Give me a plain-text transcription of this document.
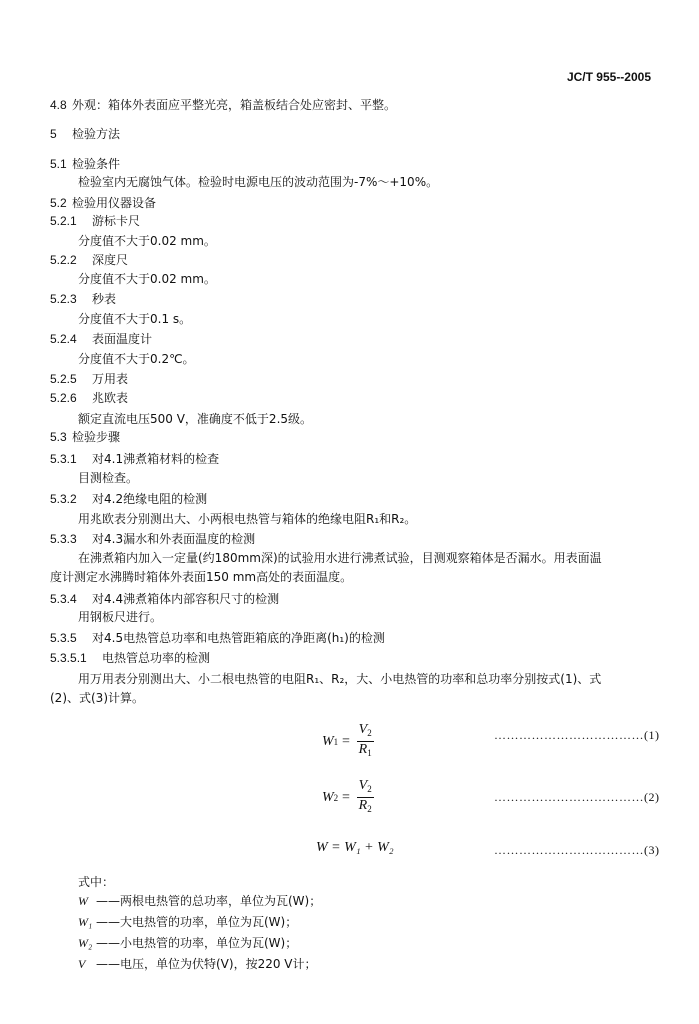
JC/T 955--2005
4.8 外观：箱体外表面应平整光亮，箱盖板结合处应密封、平整。
5 检验方法
5.1 检验条件
检验室内无腐蚀气体。检验时电源电压的波动范围为-7%～+10%。
5.2 检验用仪器设备
5.2.1 游标卡尺
分度值不大于0.02 mm。
5.2.2 深度尺
分度值不大于0.02 mm。
5.2.3 秒表
分度值不大于0.1 s。
5.2.4 表面温度计
分度值不大于0.2℃。
5.2.5 万用表
5.2.6 兆欧表
额定直流电压500 V，准确度不低于2.5级。
5.3 检验步骤
5.3.1 对4.1沸煮箱材料的检查
目测检查。
5.3.2 对4.2绝缘电阻的检测
用兆欧表分别测出大、小两根电热管与箱体的绝缘电阻R₁和R₂。
5.3.3 对4.3漏水和外表面温度的检测
在沸煮箱内加入一定量(约180mm深)的试验用水进行沸煮试验，目测观察箱体是否漏水。用表面温
度计测定水沸腾时箱体外表面150 mm高处的表面温度。
5.3.4 对4.4沸煮箱体内部容积尺寸的检测
用钢板尺进行。
5.3.5 对4.5电热管总功率和电热管距箱底的净距离(h₁)的检测
5.3.5.1 电热管总功率的检测
用万用表分别测出大、小二根电热管的电阻R₁、R₂，大、小电热管的功率和总功率分别按式(1)、式
(2)、式(3)计算。
W $1 = \frac{V_2}{R_1}$	………………………………(1)
W $2 = \frac{V_2}{R_2}$	………………………………(2)
W = W₁ + W₂	………………………………(3)
式中：
W ——两根电热管的总功率，单位为瓦(W)；
W₁ ——大电热管的功率，单位为瓦(W)；
W₂ ——小电热管的功率，单位为瓦(W)；
V ——电压，单位为伏特(V)，按220 V计；
